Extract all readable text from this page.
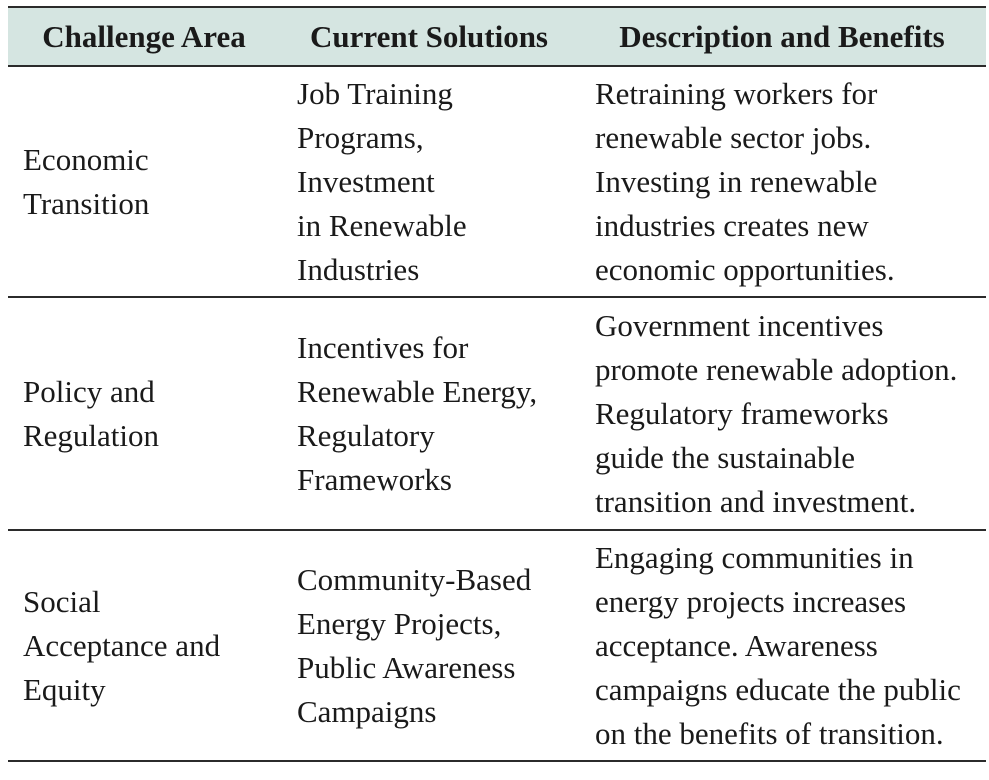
Challenge Area	Current Solutions	Description and Benefits

Economic
Transition	Job Training
Programs,
Investment
in Renewable
Industries	Retraining workers for
renewable sector jobs.
Investing in renewable
industries creates new
economic opportunities.

Policy and
Regulation	Incentives for
Renewable Energy,
Regulatory
Frameworks	Government incentives
promote renewable adoption.
Regulatory frameworks
guide the sustainable
transition and investment.

Social
Acceptance and
Equity	Community-Based
Energy Projects,
Public Awareness
Campaigns	Engaging communities in
energy projects increases
acceptance. Awareness
campaigns educate the public
on the benefits of transition.
